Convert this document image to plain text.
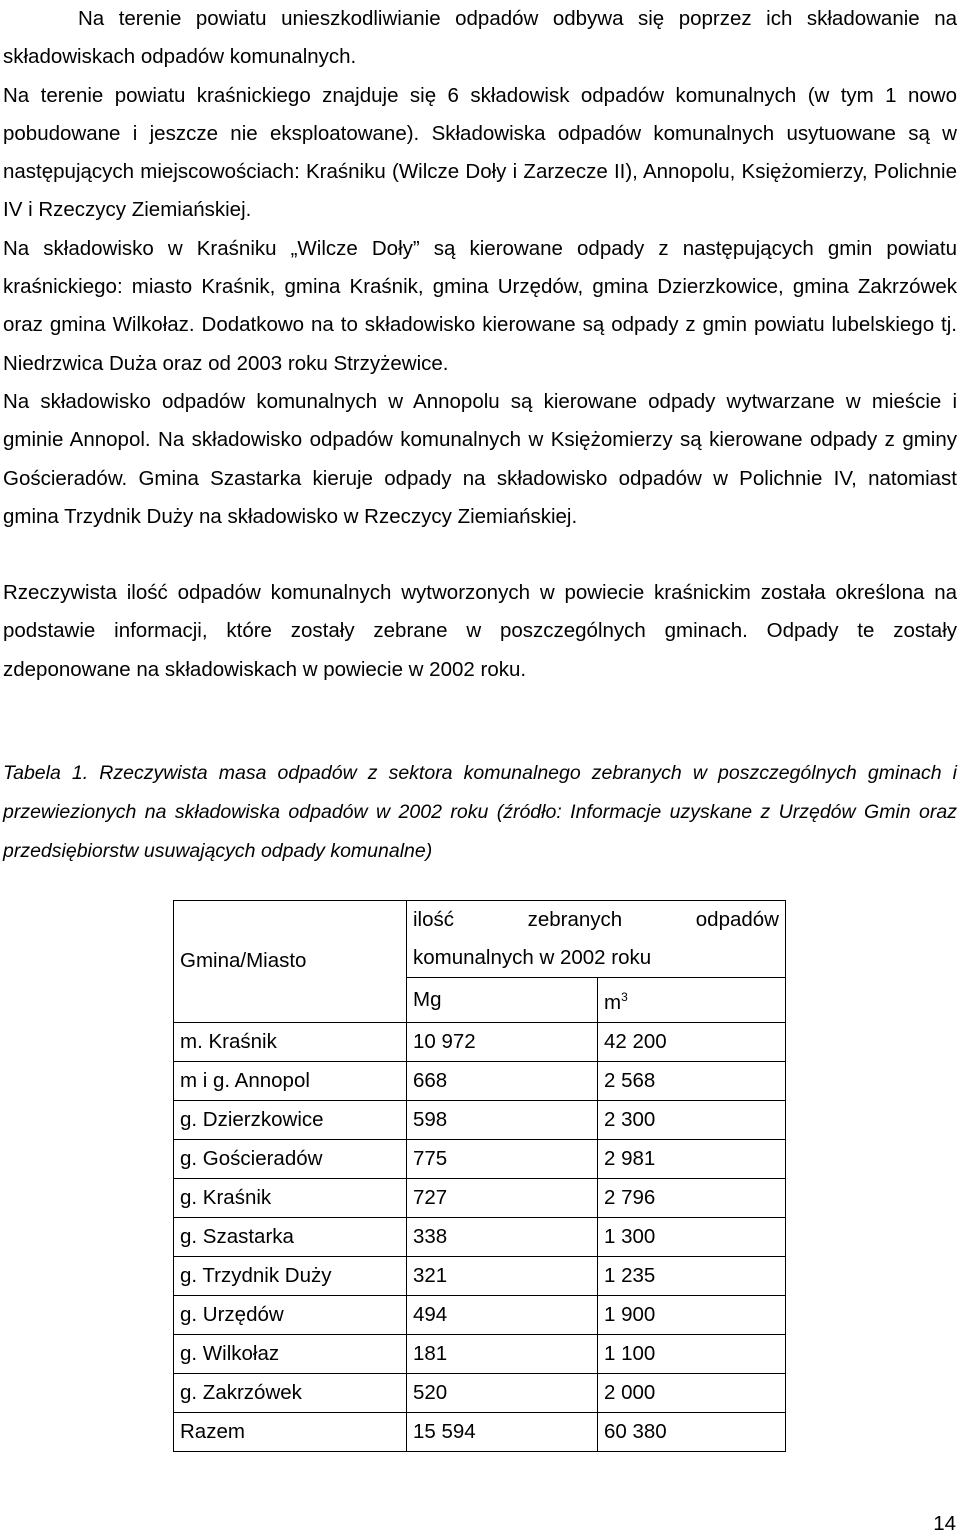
Na terenie powiatu unieszkodliwianie odpadów odbywa się poprzez ich składowanie na składowiskach odpadów komunalnych.

Na terenie powiatu kraśnickiego znajduje się 6 składowisk odpadów komunalnych (w tym 1 nowo pobudowane i jeszcze nie eksploatowane). Składowiska odpadów komunalnych usytuowane są w następujących miejscowościach: Kraśniku (Wilcze Doły i Zarzecze II), Annopolu, Księżomierzy, Polichnie IV i Rzeczycy Ziemiańskiej.

Na składowisko w Kraśniku „Wilcze Doły” są kierowane odpady z następujących gmin powiatu kraśnickiego: miasto Kraśnik, gmina Kraśnik, gmina Urzędów, gmina Dzierzkowice, gmina Zakrzówek oraz gmina Wilkołaz. Dodatkowo na to składowisko kierowane są odpady z gmin powiatu lubelskiego tj. Niedrzwica Duża oraz od 2003 roku Strzyżewice.

Na składowisko odpadów komunalnych w Annopolu są kierowane odpady wytwarzane w mieście i gminie Annopol. Na składowisko odpadów komunalnych w Księżomierzy są kierowane odpady z gminy Gościeradów. Gmina Szastarka kieruje odpady na składowisko odpadów w Polichnie IV, natomiast gmina Trzydnik Duży na składowisko w Rzeczycy Ziemiańskiej.

Rzeczywista ilość odpadów komunalnych wytworzonych w powiecie kraśnickim została określona na podstawie informacji, które zostały zebrane w poszczególnych gminach. Odpady te zostały zdeponowane na składowiskach w powiecie w 2002 roku.

Tabela 1. Rzeczywista masa odpadów z sektora komunalnego zebranych w poszczególnych gminach i przewiezionych na składowiska odpadów w 2002 roku (źródło: Informacje uzyskane z Urzędów Gmin oraz przedsiębiorstw usuwających odpady komunalne)
Gmina/Miasto	ilość zebranych odpadów
komunalnych w 2002 roku	

	Mg	$m^3$
m. Kraśnik	10 972	42 200
m i g. Annopol	668	2 568
g. Dzierzkowice	598	2 300
g. Gościeradów	775	2 981
g. Kraśnik	727	2 796
g. Szastarka	338	1 300
g. Trzydnik Duży	321	1 235
g. Urzędów	494	1 900
g. Wilkołaz	181	1 100
g. Zakrzówek	520	2 000
Razem	15 594	60 380
14
